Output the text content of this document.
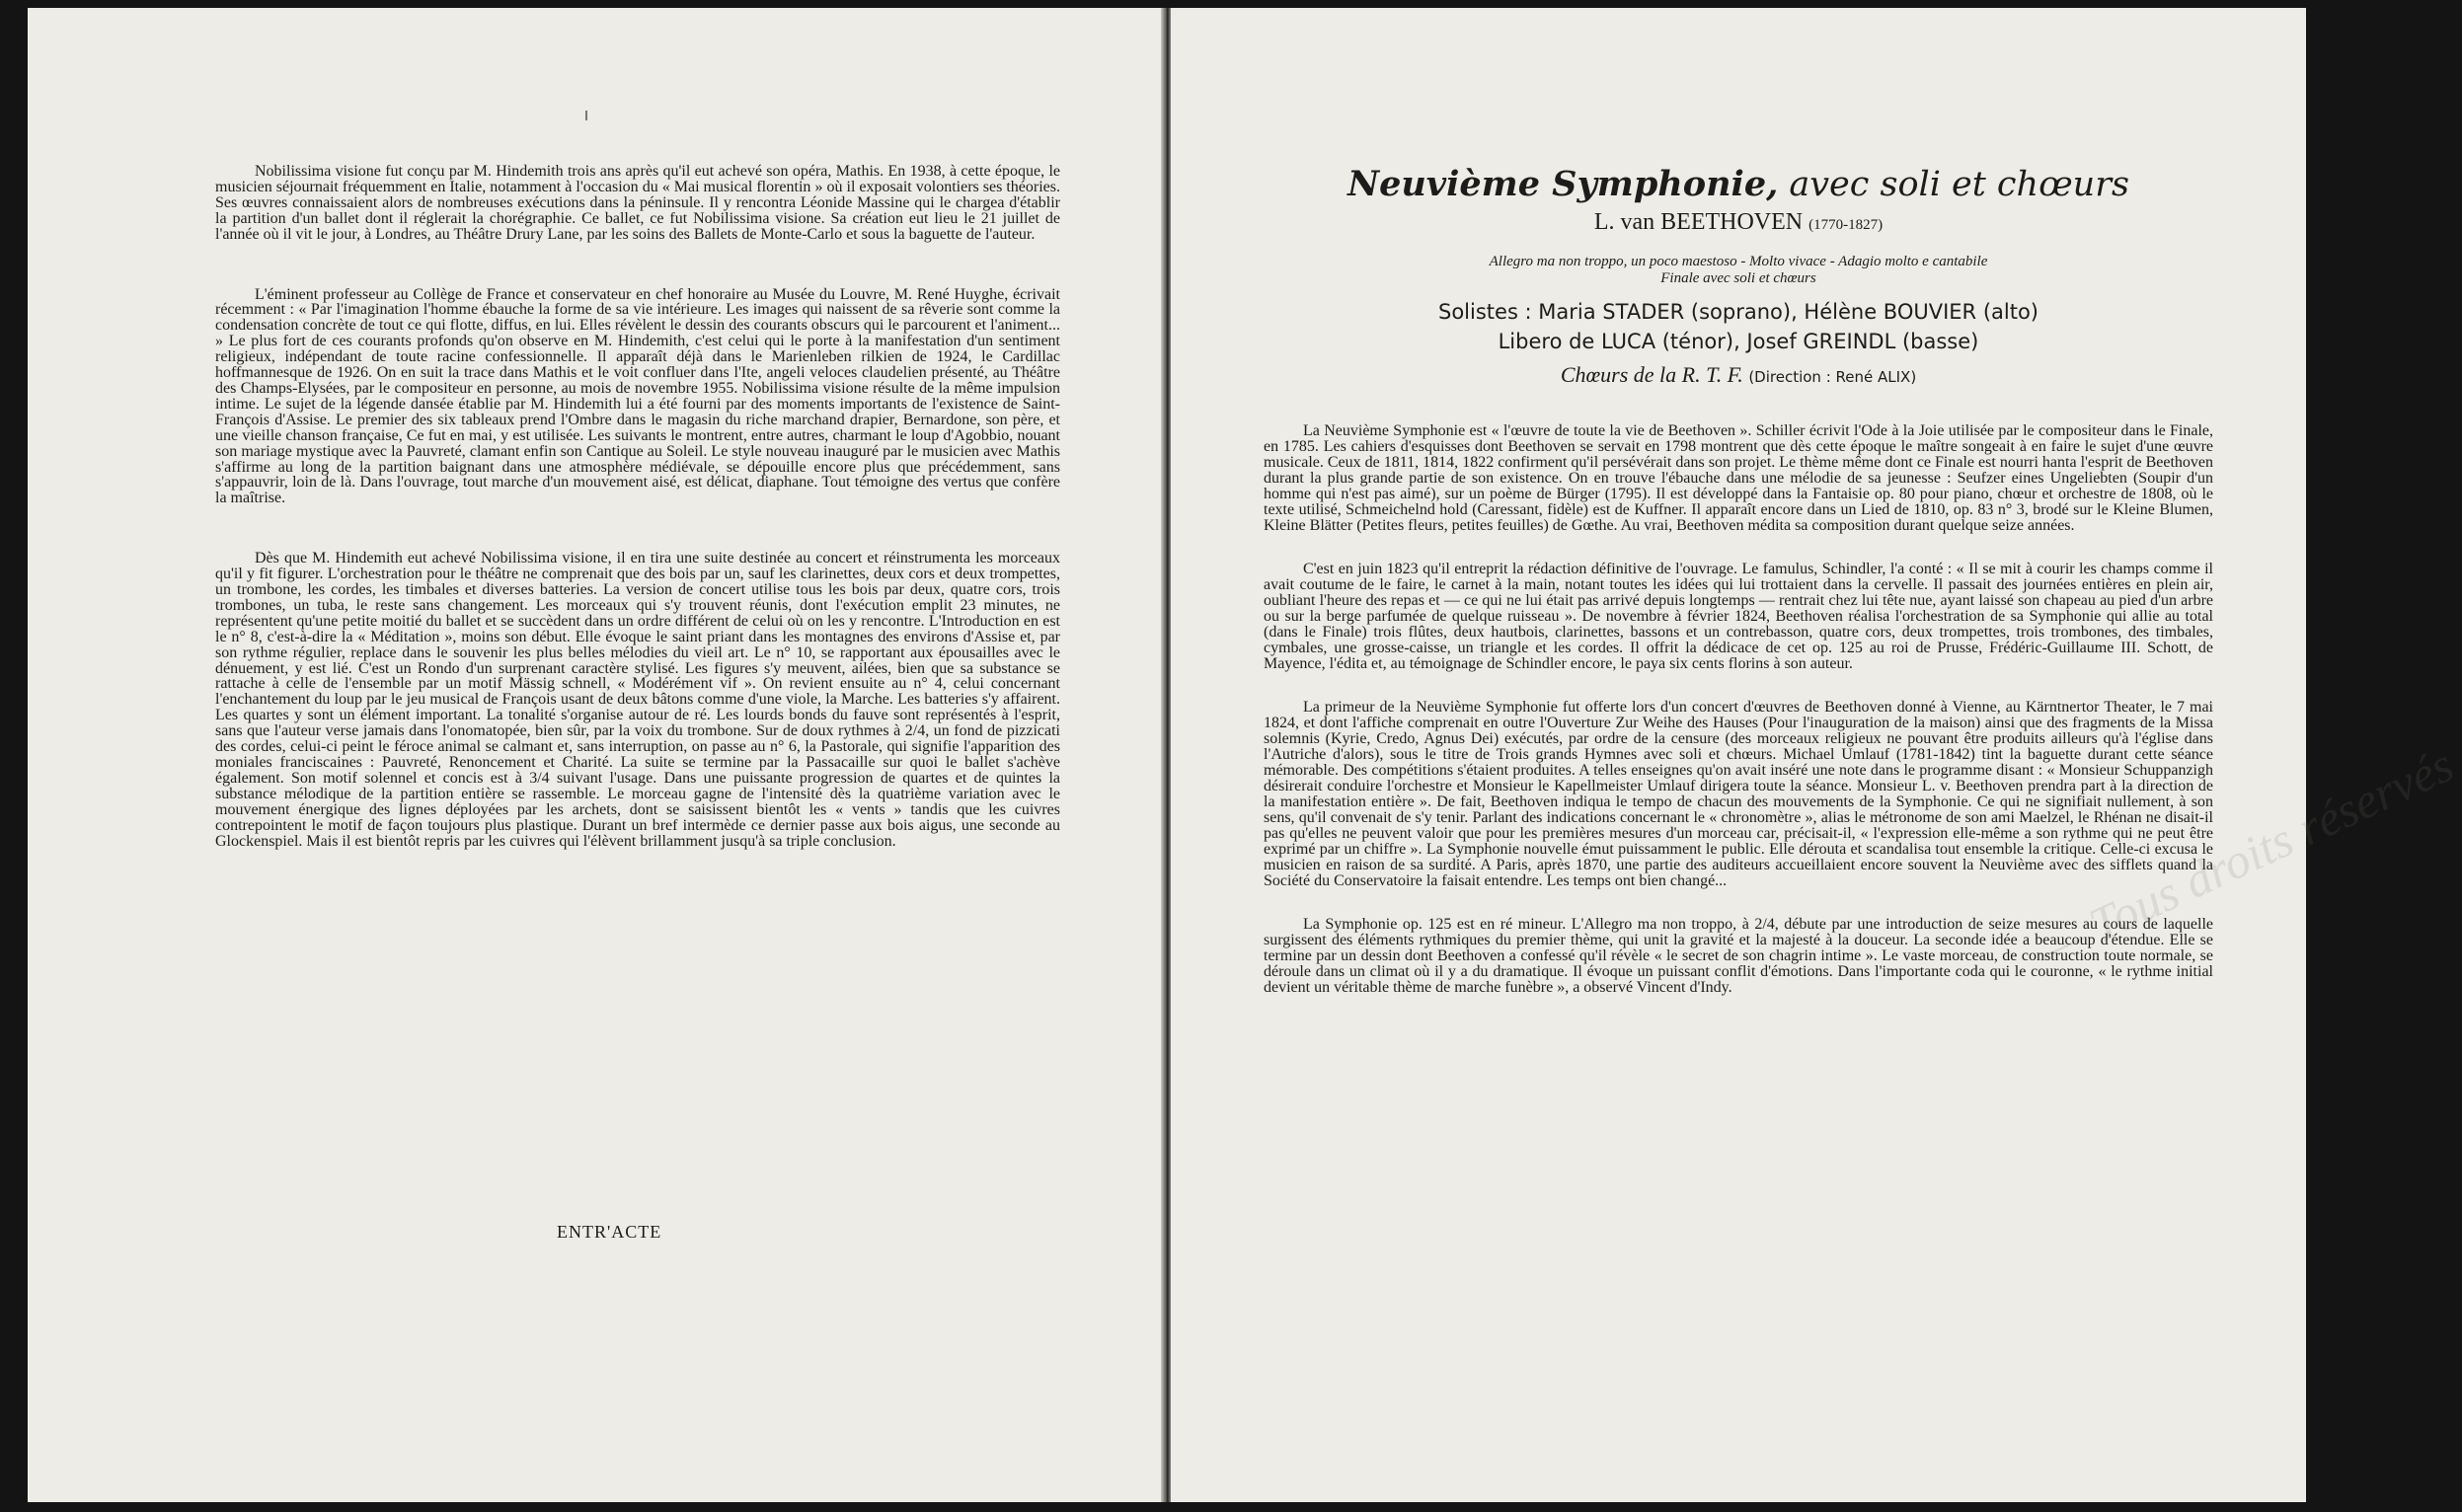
Nobilissima visione fut conçu par M. Hindemith trois ans après qu'il eut achevé son opéra, Mathis. En 1938, à cette époque, le musicien séjournait fréquemment en Italie, notamment à l'occasion du « Mai musical florentin » où il exposait volontiers ses théories. Ses œuvres connaissaient alors de nombreuses exécutions dans la péninsule. Il y rencontra Léonide Massine qui le chargea d'établir la partition d'un ballet dont il réglerait la chorégraphie. Ce ballet, ce fut Nobilissima visione. Sa création eut lieu le 21 juillet de l'année où il vit le jour, à Londres, au Théâtre Drury Lane, par les soins des Ballets de Monte-Carlo et sous la baguette de l'auteur.

L'éminent professeur au Collège de France et conservateur en chef honoraire au Musée du Louvre, M. René Huyghe, écrivait récemment : « Par l'imagination l'homme ébauche la forme de sa vie intérieure. Les images qui naissent de sa rêverie sont comme la condensation concrète de tout ce qui flotte, diffus, en lui. Elles révèlent le dessin des courants obscurs qui le parcourent et l'animent... » Le plus fort de ces courants profonds qu'on observe en M. Hindemith, c'est celui qui le porte à la manifestation d'un sentiment religieux, indépendant de toute racine confessionnelle. Il apparaît déjà dans le Marienleben rilkien de 1924, le Cardillac hoffmannesque de 1926. On en suit la trace dans Mathis et le voit confluer dans l'Ite, angeli veloces claudelien présenté, au Théâtre des Champs-Elysées, par le compositeur en personne, au mois de novembre 1955. Nobilissima visione résulte de la même impulsion intime. Le sujet de la légende dansée établie par M. Hindemith lui a été fourni par des moments importants de l'existence de Saint-François d'Assise. Le premier des six tableaux prend l'Ombre dans le magasin du riche marchand drapier, Bernardone, son père, et une vieille chanson française, Ce fut en mai, y est utilisée. Les suivants le montrent, entre autres, charmant le loup d'Agobbio, nouant son mariage mystique avec la Pauvreté, clamant enfin son Cantique au Soleil. Le style nouveau inauguré par le musicien avec Mathis s'affirme au long de la partition baignant dans une atmosphère médiévale, se dépouille encore plus que précédemment, sans s'appauvrir, loin de là. Dans l'ouvrage, tout marche d'un mouvement aisé, est délicat, diaphane. Tout témoigne des vertus que confère la maîtrise.

Dès que M. Hindemith eut achevé Nobilissima visione, il en tira une suite destinée au concert et réinstrumenta les morceaux qu'il y fit figurer. L'orchestration pour le théâtre ne comprenait que des bois par un, sauf les clarinettes, deux cors et deux trompettes, un trombone, les cordes, les timbales et diverses batteries. La version de concert utilise tous les bois par deux, quatre cors, trois trombones, un tuba, le reste sans changement. Les morceaux qui s'y trouvent réunis, dont l'exécution emplit 23 minutes, ne représentent qu'une petite moitié du ballet et se succèdent dans un ordre différent de celui où on les y rencontre. L'Introduction en est le n° 8, c'est-à-dire la « Méditation », moins son début. Elle évoque le saint priant dans les montagnes des environs d'Assise et, par son rythme régulier, replace dans le souvenir les plus belles mélodies du vieil art. Le n° 10, se rapportant aux épousailles avec le dénuement, y est lié. C'est un Rondo d'un surprenant caractère stylisé. Les figures s'y meuvent, ailées, bien que sa substance se rattache à celle de l'ensemble par un motif Mässig schnell, « Modérément vif ». On revient ensuite au n° 4, celui concernant l'enchantement du loup par le jeu musical de François usant de deux bâtons comme d'une viole, la Marche. Les batteries s'y affairent. Les quartes y sont un élément important. La tonalité s'organise autour de ré. Les lourds bonds du fauve sont représentés à l'esprit, sans que l'auteur verse jamais dans l'onomatopée, bien sûr, par la voix du trombone. Sur de doux rythmes à 2/4, un fond de pizzicati des cordes, celui-ci peint le féroce animal se calmant et, sans interruption, on passe au n° 6, la Pastorale, qui signifie l'apparition des moniales franciscaines : Pauvreté, Renoncement et Charité. La suite se termine par la Passacaille sur quoi le ballet s'achève également. Son motif solennel et concis est à 3/4 suivant l'usage. Dans une puissante progression de quartes et de quintes la substance mélodique de la partition entière se rassemble. Le morceau gagne de l'intensité dès la quatrième variation avec le mouvement énergique des lignes déployées par les archets, dont se saisissent bientôt les « vents » tandis que les cuivres contrepointent le motif de façon toujours plus plastique. Durant un bref intermède ce dernier passe aux bois aigus, une seconde au Glockenspiel. Mais il est bientôt repris par les cuivres qui l'élèvent brillamment jusqu'à sa triple conclusion.

ENTR'ACTE
— Tous droits réservés
Neuvième Symphonie, avec soli et chœurs
L. van BEETHOVEN (1770-1827)
Allegro ma non troppo, un poco maestoso - Molto vivace - Adagio molto e cantabile
Finale avec soli et chœurs
Solistes : Maria STADER (soprano), Hélène BOUVIER (alto)
Libero de LUCA (ténor), Josef GREINDL (basse)
Chœurs de la R. T. F. (Direction : René ALIX)

La Neuvième Symphonie est « l'œuvre de toute la vie de Beethoven ». Schiller écrivit l'Ode à la Joie utilisée par le compositeur dans le Finale, en 1785. Les cahiers d'esquisses dont Beethoven se servait en 1798 montrent que dès cette époque le maître songeait à en faire le sujet d'une œuvre musicale. Ceux de 1811, 1814, 1822 confirment qu'il persévérait dans son projet. Le thème même dont ce Finale est nourri hanta l'esprit de Beethoven durant la plus grande partie de son existence. On en trouve l'ébauche dans une mélodie de sa jeunesse : Seufzer eines Ungeliebten (Soupir d'un homme qui n'est pas aimé), sur un poème de Bürger (1795). Il est développé dans la Fantaisie op. 80 pour piano, chœur et orchestre de 1808, où le texte utilisé, Schmeichelnd hold (Caressant, fidèle) est de Kuffner. Il apparaît encore dans un Lied de 1810, op. 83 n° 3, brodé sur le Kleine Blumen, Kleine Blätter (Petites fleurs, petites feuilles) de Gœthe. Au vrai, Beethoven médita sa composition durant quelque seize années.

C'est en juin 1823 qu'il entreprit la rédaction définitive de l'ouvrage. Le famulus, Schindler, l'a conté : « Il se mit à courir les champs comme il avait coutume de le faire, le carnet à la main, notant toutes les idées qui lui trottaient dans la cervelle. Il passait des journées entières en plein air, oubliant l'heure des repas et — ce qui ne lui était pas arrivé depuis longtemps — rentrait chez lui tête nue, ayant laissé son chapeau au pied d'un arbre ou sur la berge parfumée de quelque ruisseau ». De novembre à février 1824, Beethoven réalisa l'orchestration de sa Symphonie qui allie au total (dans le Finale) trois flûtes, deux hautbois, clarinettes, bassons et un contrebasson, quatre cors, deux trompettes, trois trombones, des timbales, cymbales, une grosse-caisse, un triangle et les cordes. Il offrit la dédicace de cet op. 125 au roi de Prusse, Frédéric-Guillaume III. Schott, de Mayence, l'édita et, au témoignage de Schindler encore, le paya six cents florins à son auteur.

La primeur de la Neuvième Symphonie fut offerte lors d'un concert d'œuvres de Beethoven donné à Vienne, au Kärntnertor Theater, le 7 mai 1824, et dont l'affiche comprenait en outre l'Ouverture Zur Weihe des Hauses (Pour l'inauguration de la maison) ainsi que des fragments de la Missa solemnis (Kyrie, Credo, Agnus Dei) exécutés, par ordre de la censure (des morceaux religieux ne pouvant être produits ailleurs qu'à l'église dans l'Autriche d'alors), sous le titre de Trois grands Hymnes avec soli et chœurs. Michael Umlauf (1781-1842) tint la baguette durant cette séance mémorable. Des compétitions s'étaient produites. A telles enseignes qu'on avait inséré une note dans le programme disant : « Monsieur Schuppanzigh désirerait conduire l'orchestre et Monsieur le Kapellmeister Umlauf dirigera toute la séance. Monsieur L. v. Beethoven prendra part à la direction de la manifestation entière ». De fait, Beethoven indiqua le tempo de chacun des mouvements de la Symphonie. Ce qui ne signifiait nullement, à son sens, qu'il convenait de s'y tenir. Parlant des indications concernant le « chronomètre », alias le métronome de son ami Maelzel, le Rhénan ne disait-il pas qu'elles ne peuvent valoir que pour les premières mesures d'un morceau car, précisait-il, « l'expression elle-même a son rythme qui ne peut être exprimé par un chiffre ». La Symphonie nouvelle émut puissamment le public. Elle dérouta et scandalisa tout ensemble la critique. Celle-ci excusa le musicien en raison de sa surdité. A Paris, après 1870, une partie des auditeurs accueillaient encore souvent la Neuvième avec des sifflets quand la Société du Conservatoire la faisait entendre. Les temps ont bien changé...

La Symphonie op. 125 est en ré mineur. L'Allegro ma non troppo, à 2/4, débute par une introduction de seize mesures au cours de laquelle surgissent des éléments rythmiques du premier thème, qui unit la gravité et la majesté à la douceur. La seconde idée a beaucoup d'étendue. Elle se termine par un dessin dont Beethoven a confessé qu'il révèle « le secret de son chagrin intime ». Le vaste morceau, de construction toute normale, se déroule dans un climat où il y a du dramatique. Il évoque un puissant conflit d'émotions. Dans l'importante coda qui le couronne, « le rythme initial devient un véritable thème de marche funèbre », a observé Vincent d'Indy.
